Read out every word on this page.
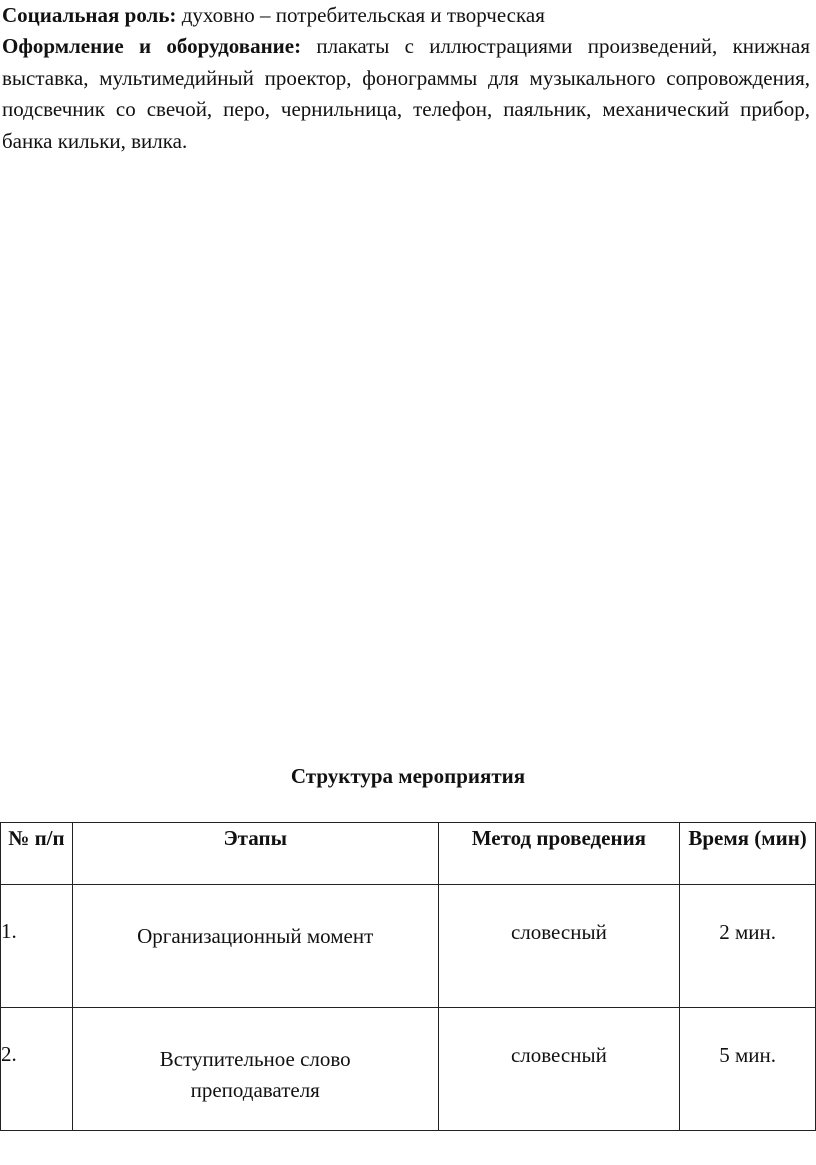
Социальная роль: духовно – потребительская и творческая

Оформление и оборудование: плакаты с иллюстрациями произведений, книжная выставка, мультимедийный проектор, фонограммы для музыкального сопровождения, подсвечник со свечой, перо, чернильница, телефон, паяльник, механический прибор, банка кильки, вилка.

Структура мероприятия
№ п/п	Этапы	Метод проведения	Время (мин)

1.	Организационный момент	словесный	2 мин.

2.	Вступительное слово преподавателя	словесный	5 мин.
